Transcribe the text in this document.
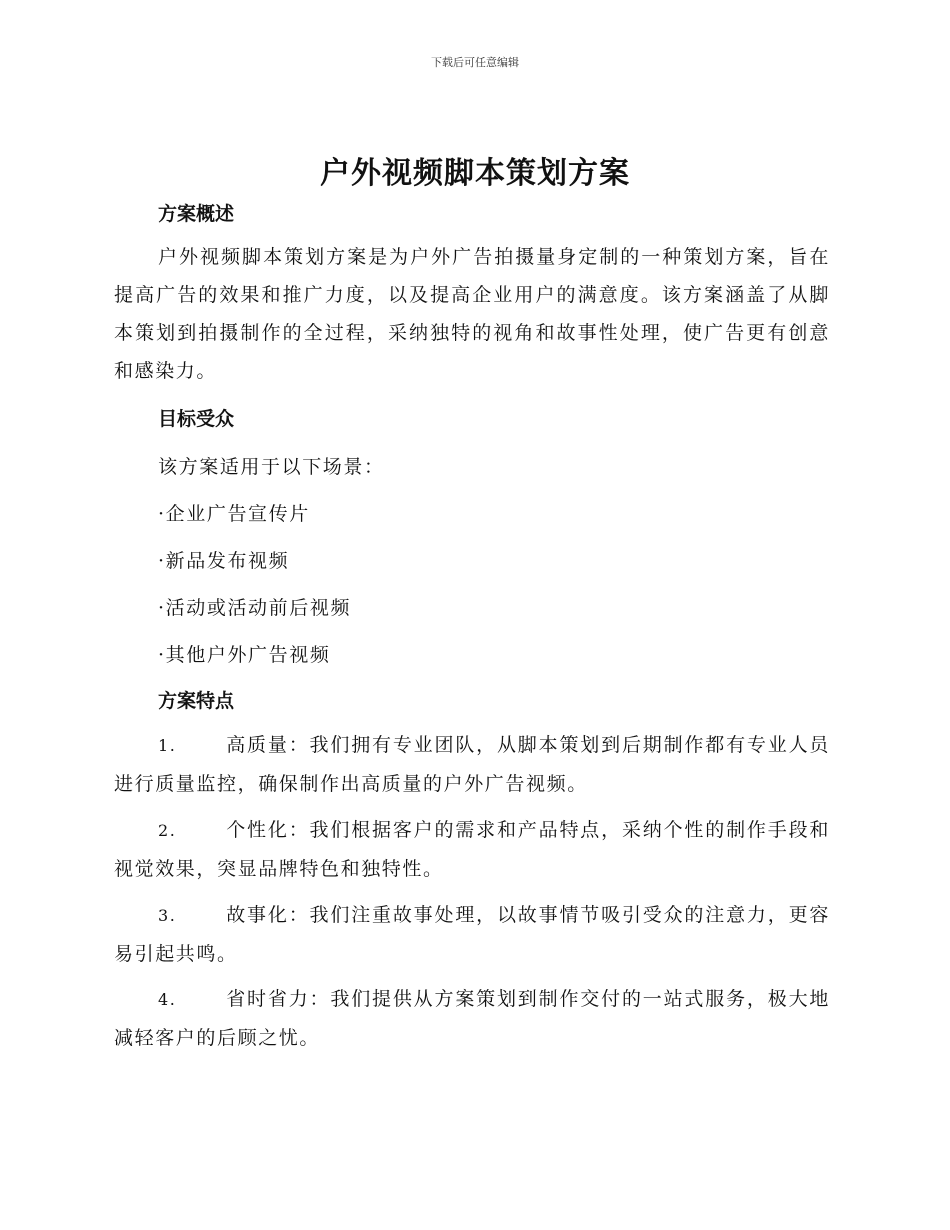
下载后可任意编辑
户外视频脚本策划方案
方案概述

户外视频脚本策划方案是为户外广告拍摄量身定制的一种策划方案，旨在提高广告的效果和推广力度，以及提高企业用户的满意度。该方案涵盖了从脚本策划到拍摄制作的全过程，采纳独特的视角和故事性处理，使广告更有创意和感染力。

目标受众
该方案适用于以下场景：
·企业广告宣传片
·新品发布视频
·活动或活动前后视频
·其他户外广告视频
方案特点

1.	高质量：我们拥有专业团队，从脚本策划到后期制作都有专业人员进行质量监控，确保制作出高质量的户外广告视频。

2.	个性化：我们根据客户的需求和产品特点，采纳个性的制作手段和视觉效果，突显品牌特色和独特性。

3.	故事化：我们注重故事处理，以故事情节吸引受众的注意力，更容易引起共鸣。

4.	省时省力：我们提供从方案策划到制作交付的一站式服务，极大地减轻客户的后顾之忧。
